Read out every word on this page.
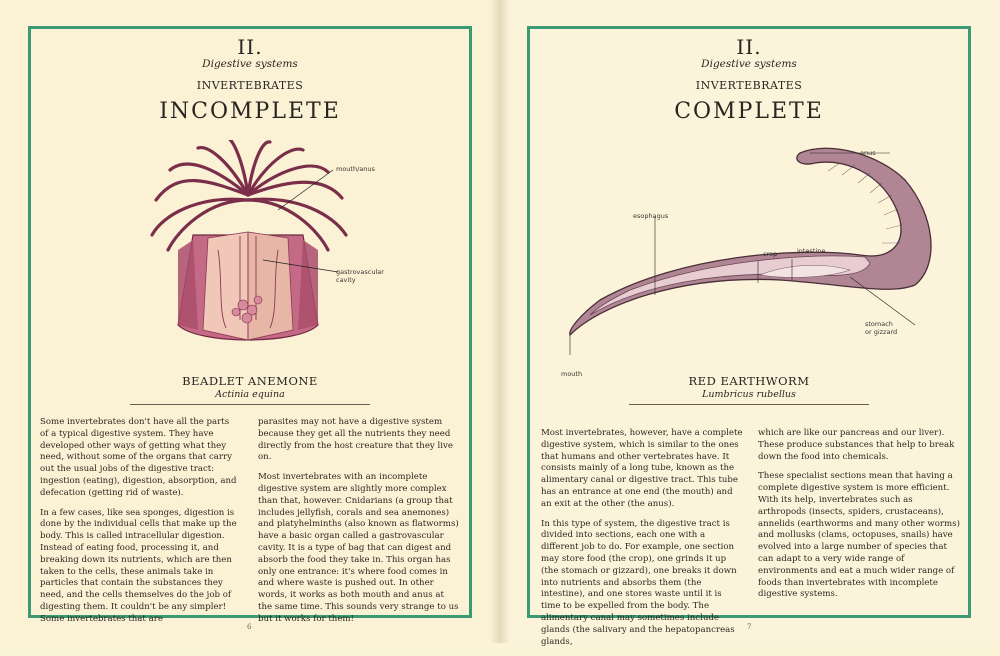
II.
Digestive systems
INVERTEBRATES
INCOMPLETE
mouth/anus
gastrovascular
cavity
BEADLET ANEMONE
Actinia equina

Some invertebrates don't have all the parts of a typical digestive system. They have developed other ways of getting what they need, without some of the organs that carry out the usual jobs of the digestive tract: ingestion (eating), digestion, absorption, and defecation (getting rid of waste).

In a few cases, like sea sponges, digestion is done by the individual cells that make up the body. This is called intracellular digestion. Instead of eating food, processing it, and breaking down its nutrients, which are then taken to the cells, these animals take in particles that contain the substances they need, and the cells themselves do the job of digesting them. It couldn't be any simpler! Some invertebrates that are

parasites may not have a digestive system because they get all the nutrients they need directly from the host creature that they live on.

Most invertebrates with an incomplete digestive system are slightly more complex than that, however. Cnidarians (a group that includes jellyfish, corals and sea anemones) and platyhelminths (also known as flatworms) have a basic organ called a gastrovascular cavity. It is a type of bag that can digest and absorb the food they take in. This organ has only one entrance: it's where food comes in and where waste is pushed out. In other words, it works as both mouth and anus at the same time. This sounds very strange to us but it works for them!

6
II.
Digestive systems
INVERTEBRATES
COMPLETE
anus
esophagus
crop	intestine
stomach
or gizzard
mouth	RED EARTHWORM
Lumbricus rubellus

Most invertebrates, however, have a complete digestive system, which is similar to the ones that humans and other vertebrates have. It consists mainly of a long tube, known as the alimentary canal or digestive tract. This tube has an entrance at one end (the mouth) and an exit at the other (the anus).

In this type of system, the digestive tract is divided into sections, each one with a different job to do. For example, one section may store food (the crop), one grinds it up (the stomach or gizzard), one breaks it down into nutrients and absorbs them (the intestine), and one stores waste until it is time to be expelled from the body. The alimentary canal may sometimes include glands (the salivary and the hepatopancreas glands,

which are like our pancreas and our liver). These produce substances that help to break down the food into chemicals.

These specialist sections mean that having a complete digestive system is more efficient. With its help, invertebrates such as arthropods (insects, spiders, crustaceans), annelids (earthworms and many other worms) and mollusks (clams, octopuses, snails) have evolved into a large number of species that can adapt to a very wide range of environments and eat a much wider range of foods than invertebrates with incomplete digestive systems.

7
